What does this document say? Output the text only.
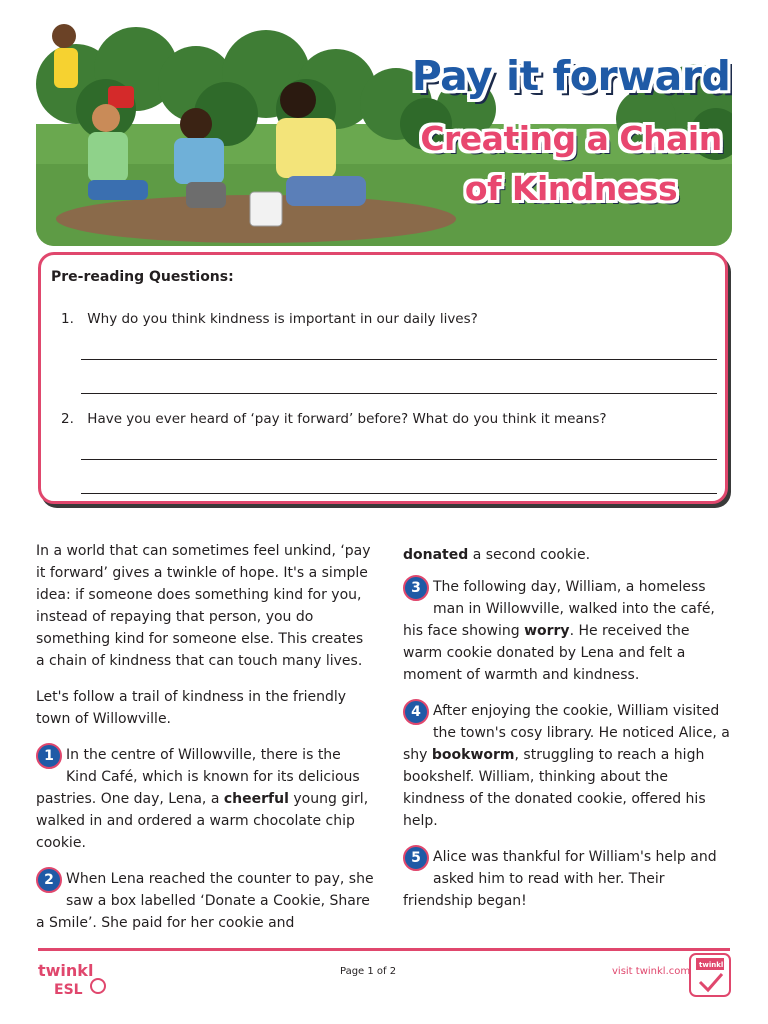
Pay it forward
Creating a Chain
of Kindness
Pre-reading Questions:
1. Why do you think kindness is important in our daily lives?
2. Have you ever heard of ‘pay it forward’ before? What do you think it means?

In a world that can sometimes feel unkind, ‘pay it forward’ gives a twinkle of hope. It's a simple idea: if someone does something kind for you, instead of repaying that person, you do something kind for someone else. This creates a chain of kindness that can touch many lives.

Let's follow a trail of kindness in the friendly town of Willowville.

1 In the centre of Willowville, there is the Kind Café, which is known for its delicious pastries. One day, Lena, a cheerful young girl, walked in and ordered a warm chocolate chip cookie.

2 When Lena reached the counter to pay, she saw a box labelled ‘Donate a Cookie, Share a Smile’. She paid for her cookie and

donated a second cookie.

3 The following day, William, a homeless man in Willowville, walked into the café, his face showing worry. He received the warm cookie donated by Lena and felt a moment of warmth and kindness.

4 After enjoying the cookie, William visited the town's cosy library. He noticed Alice, a shy bookworm, struggling to reach a high bookshelf. William, thinking about the kindness of the donated cookie, offered his help.

5 Alice was thankful for William's help and asked him to read with her. Their friendship began!

twinkl
ESL
Page 1 of 2	visit twinkl.com
twinkl
